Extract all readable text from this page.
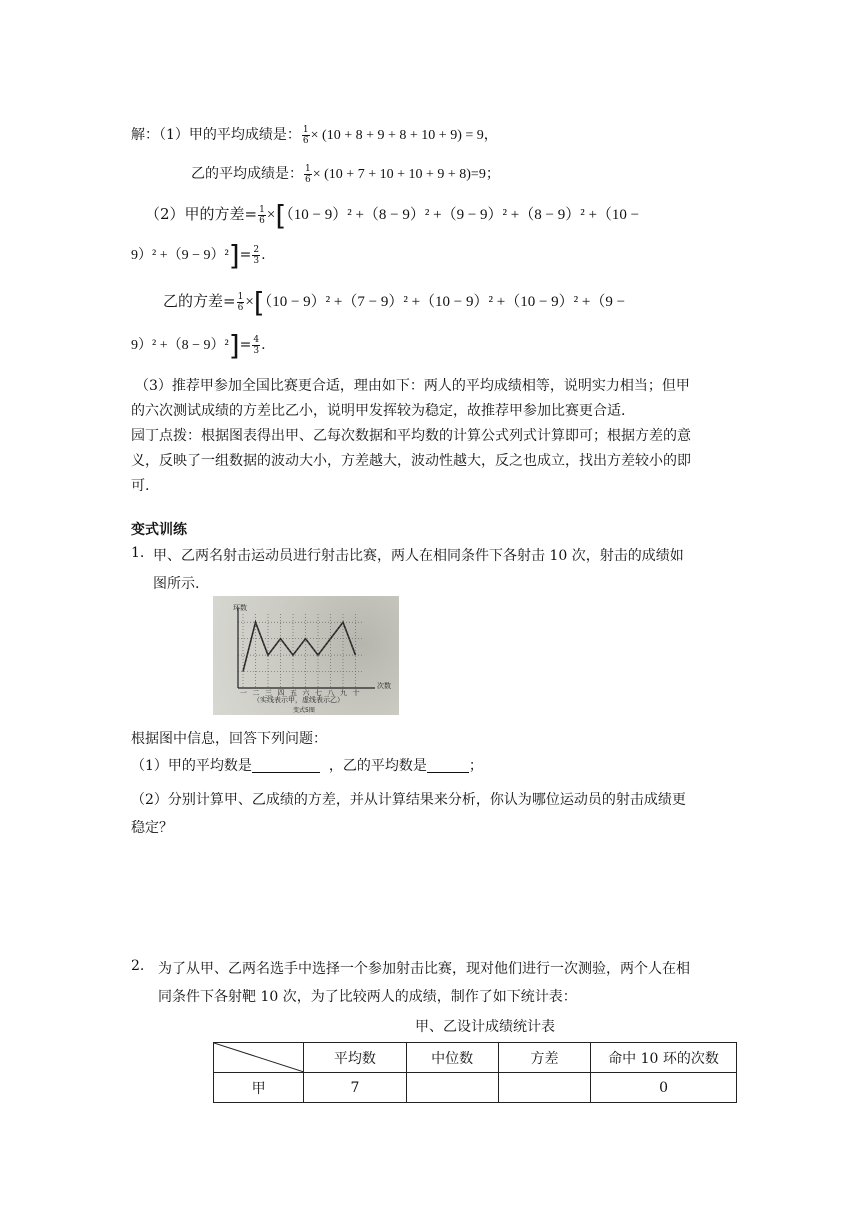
解：（1）甲的平均成绩是： $\frac{1}{6} \times (10 + 8 + 9 + 8 + 10 + 9) = 9$，
乙的平均成绩是： $\frac{1}{6} \times (10 + 7 + 10 + 10 + 9 + 8)=9$；
（2）甲的方差= $\frac{1}{6} \times[(10 - 9)^2 +(8 - 9)^2 +(9 - 9)^2 +(8 - 9)^2 +(10$ −
$9)^2 +(9 - 9)^2]= \frac{2}{3}$ .
乙的方差= $\frac{1}{6} \times[(10 - 9)^2 +(7 - 9)^2 +(10 - 9)^2 +(10 - 9)^2 +(9$ −
$9)^2 +(8 - 9)^2]= \frac{4}{3}$ .
（3）推荐甲参加全国比赛更合适，理由如下：两人的平均成绩相等，说明实力相当；但甲
的六次测试成绩的方差比乙小，说明甲发挥较为稳定，故推荐甲参加比赛更合适.
园丁点拨：根据图表得出甲、乙每次数据和平均数的计算公式列式计算即可；根据方差的意
义，反映了一组数据的波动大小，方差越大，波动性越大，反之也成立，找出方差较小的即
可.
变式训练
1. 甲、乙两名射击运动员进行射击比赛，两人在相同条件下各射击 10 次，射击的成绩如
图所示.
环数
次数
一 二 三 四 五 六 七 八 九 十
（实线表示甲，虚线表示乙）
变式5图
根据图中信息，回答下列问题：
（1）甲的平均数是	，乙的平均数是	；
（2）分别计算甲、乙成绩的方差，并从计算结果来分析，你认为哪位运动员的射击成绩更
稳定？
2. 为了从甲、乙两名选手中选择一个参加射击比赛，现对他们进行一次测验，两个人在相
同条件下各射靶 10 次，为了比较两人的成绩，制作了如下统计表：
甲、乙设计成绩统计表
	平均数	中位数	方差	命中 10 环的次数
甲	7			0
